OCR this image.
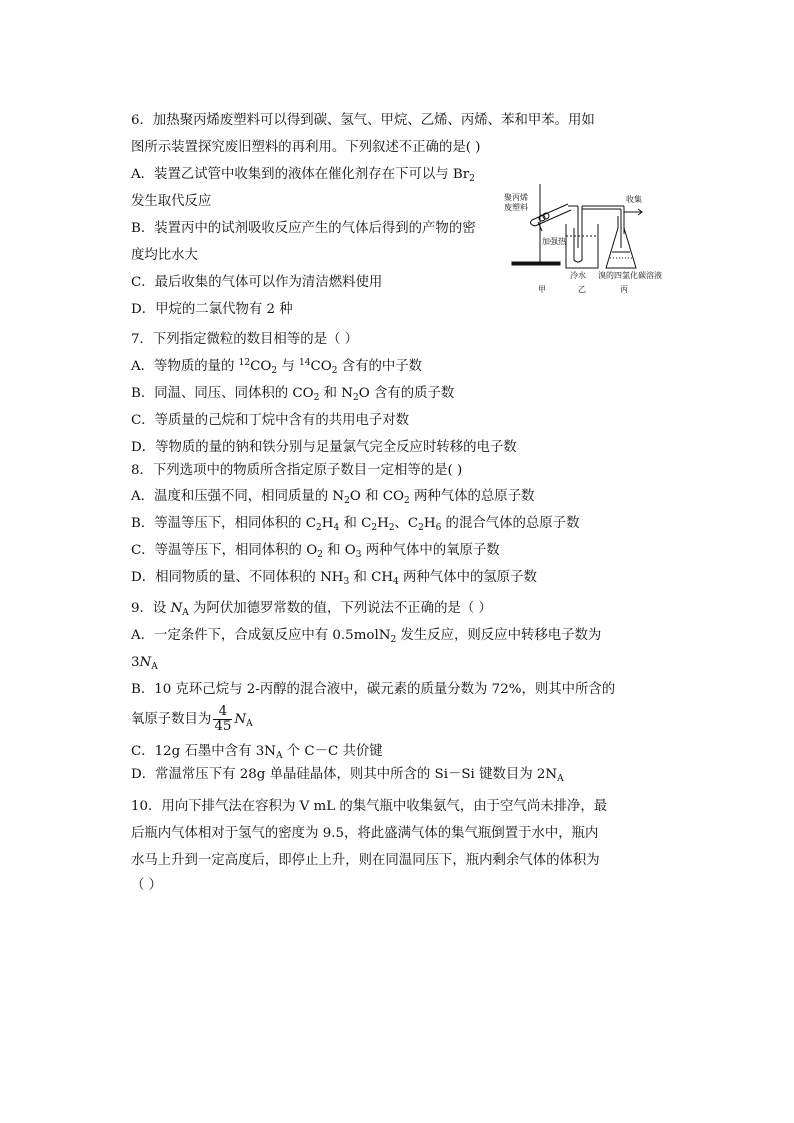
6．加热聚丙烯废塑料可以得到碳、氢气、甲烷、乙烯、丙烯、苯和甲苯。用如
图所示装置探究废旧塑料的再利用。下列叙述不正确的是( )
A．装置乙试管中收集到的液体在催化剂存在下可以与 $Br_2$
发生取代反应
B．装置丙中的试剂吸收反应产生的气体后得到的产物的密
度均比水大
C．最后收集的气体可以作为清洁燃料使用
D．甲烷的二氯代物有 2 种
聚丙烯
废塑料
加强热
收集
冷水 溴的四氯化碳溶液
甲	乙	丙
7．下列指定微粒的数目相等的是（ ）
A．等物质的量的 $^{12}CO_2$ 与 $^{14}CO_2$ 含有的中子数
B．同温、同压、同体积的 $CO_2$ 和 $N_2O$ 含有的质子数
C．等质量的己烷和丁烷中含有的共用电子对数
D．等物质的量的钠和铁分别与足量氯气完全反应时转移的电子数
8．下列选项中的物质所含指定原子数目一定相等的是( )
A．温度和压强不同，相同质量的 $N_2O$ 和 $CO_2$ 两种气体的总原子数
B．等温等压下，相同体积的 $C_2H_4$ 和 $C_2H_2$、$C_2H_6$ 的混合气体的总原子数
C．等温等压下，相同体积的 $O_2$ 和 $O_3$ 两种气体中的氧原子数
D．相同物质的量、不同体积的 $NH_3$ 和 $CH_4$ 两种气体中的氢原子数
9．设 $N_A$ 为阿伏加德罗常数的值，下列说法不正确的是（ ）
A．一定条件下，合成氨反应中有 0.5molN$_2$ 发生反应，则反应中转移电子数为
$3N_A$
B．10 克环己烷与 2-丙醇的混合液中，碳元素的质量分数为 72%，则其中所含的
氧原子数目为 $\frac{4}{45} N_A$
C．12g 石墨中含有 $3N_A$ 个 C－C 共价键
D．常温常压下有 28g 单晶硅晶体，则其中所含的 Si－Si 键数目为 $2N_A$
10．用向下排气法在容积为 V mL 的集气瓶中收集氨气，由于空气尚未排净，最
后瓶内气体相对于氢气的密度为 9.5，将此盛满气体的集气瓶倒置于水中，瓶内
水马上升到一定高度后，即停止上升，则在同温同压下，瓶内剩余气体的体积为
（ ）
